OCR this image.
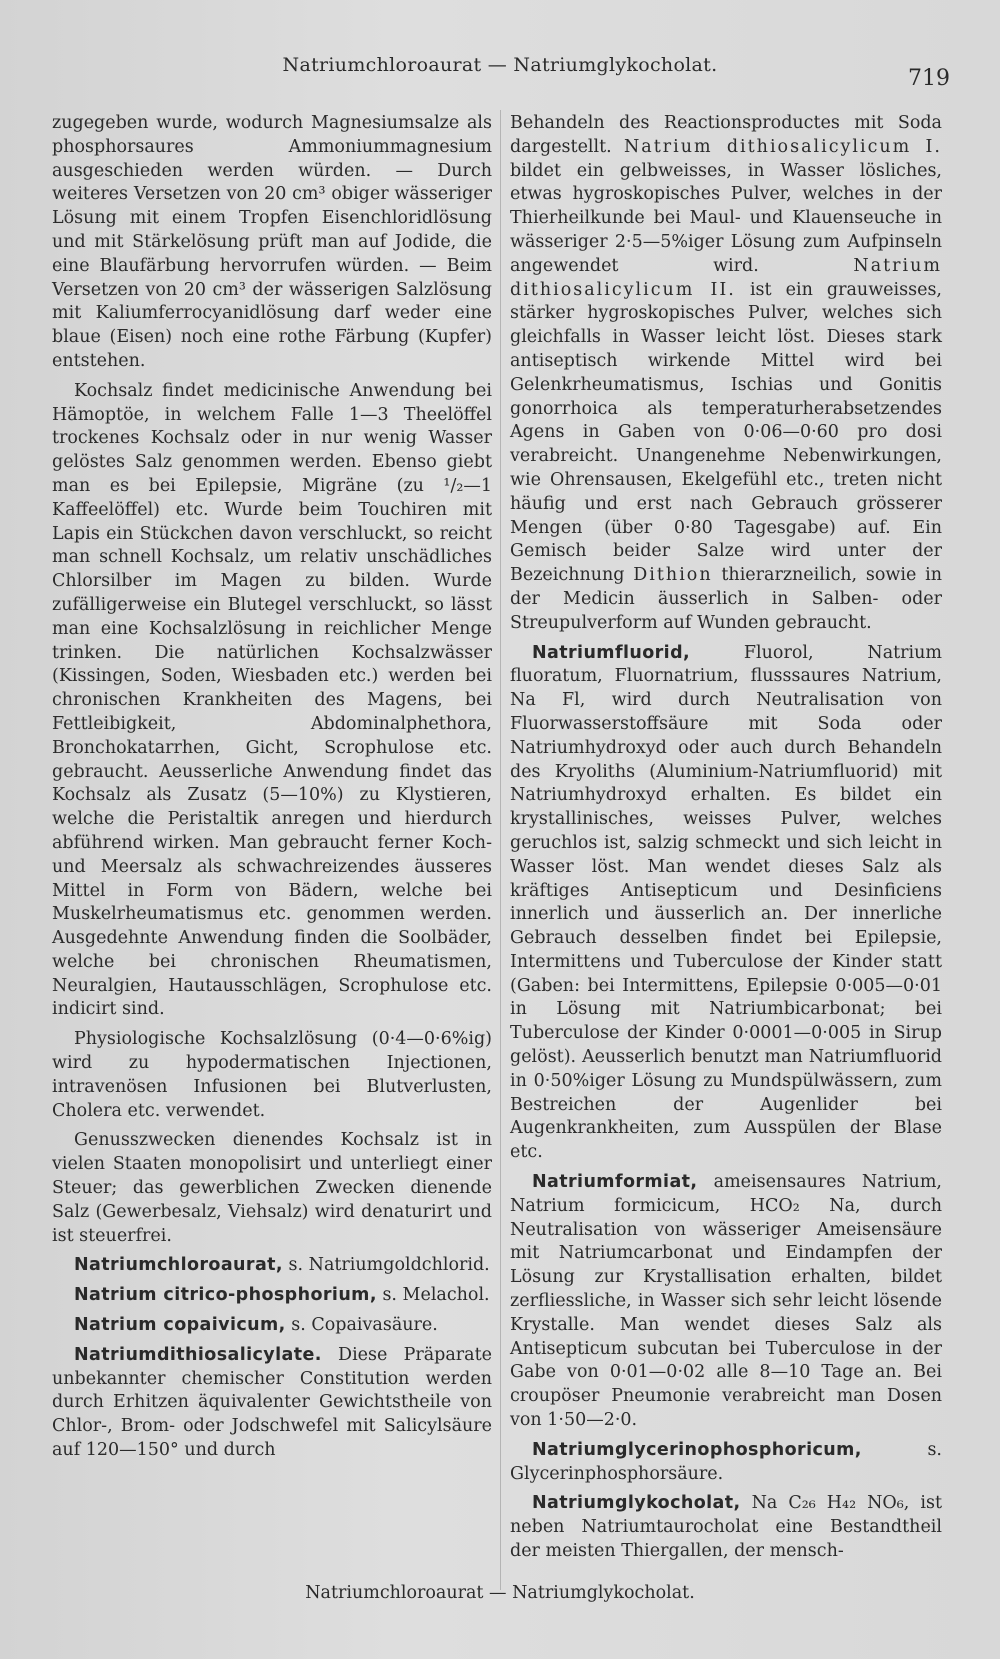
Natriumchloroaurat — Natriumglykocholat.
719

zugegeben wurde, wodurch Magnesiumsalze als phosphorsaures Ammoniummagnesium ausgeschieden werden würden. — Durch weiteres Versetzen von 20 cm³ obiger wässeriger Lösung mit einem Tropfen Eisenchloridlösung und mit Stärkelösung prüft man auf Jodide, die eine Blaufärbung hervorrufen würden. — Beim Versetzen von 20 cm³ der wässerigen Salzlösung mit Kaliumferrocyanidlösung darf weder eine blaue (Eisen) noch eine rothe Färbung (Kupfer) entstehen.

Kochsalz findet medicinische Anwendung bei Hämoptöe, in welchem Falle 1—3 Theelöffel trockenes Kochsalz oder in nur wenig Wasser gelöstes Salz genommen werden. Ebenso giebt man es bei Epilepsie, Migräne (zu ¹/₂—1 Kaffeelöffel) etc. Wurde beim Touchiren mit Lapis ein Stückchen davon verschluckt, so reicht man schnell Kochsalz, um relativ unschädliches Chlorsilber im Magen zu bilden. Wurde zufälligerweise ein Blutegel verschluckt, so lässt man eine Kochsalzlösung in reichlicher Menge trinken. Die natürlichen Kochsalzwässer (Kissingen, Soden, Wiesbaden etc.) werden bei chronischen Krankheiten des Magens, bei Fettleibigkeit, Abdominalphethora, Bronchokatarrhen, Gicht, Scrophulose etc. gebraucht. Aeusserliche Anwendung findet das Kochsalz als Zusatz (5—10%) zu Klystieren, welche die Peristaltik anregen und hierdurch abführend wirken. Man gebraucht ferner Koch- und Meersalz als schwachreizendes äusseres Mittel in Form von Bädern, welche bei Muskelrheumatismus etc. genommen werden. Ausgedehnte Anwendung finden die Soolbäder, welche bei chronischen Rheumatismen, Neuralgien, Hautausschlägen, Scrophulose etc. indicirt sind.

Physiologische Kochsalzlösung (0·4—0·6%ig) wird zu hypodermatischen Injectionen, intravenösen Infusionen bei Blutverlusten, Cholera etc. verwendet.

Genusszwecken dienendes Kochsalz ist in vielen Staaten monopolisirt und unterliegt einer Steuer; das gewerblichen Zwecken dienende Salz (Gewerbesalz, Viehsalz) wird denaturirt und ist steuerfrei.

Natriumchloroaurat, s. Natriumgoldchlorid.

Natrium citrico-phosphorium, s. Melachol.

Natrium copaivicum, s. Copaivasäure.

Natriumdithiosalicylate. Diese Präparate unbekannter chemischer Constitution werden durch Erhitzen äquivalenter Gewichtstheile von Chlor-, Brom- oder Jodschwefel mit Salicylsäure auf 120—150° und durch

Behandeln des Reactionsproductes mit Soda dargestellt. Natrium dithiosalicylicum I. bildet ein gelbweisses, in Wasser lösliches, etwas hygroskopisches Pulver, welches in der Thierheilkunde bei Maul- und Klauenseuche in wässeriger 2·5—5%iger Lösung zum Aufpinseln angewendet wird. Natrium dithiosalicylicum II. ist ein grauweisses, stärker hygroskopisches Pulver, welches sich gleichfalls in Wasser leicht löst. Dieses stark antiseptisch wirkende Mittel wird bei Gelenkrheumatismus, Ischias und Gonitis gonorrhoica als temperaturherabsetzendes Agens in Gaben von 0·06—0·60 pro dosi verabreicht. Unangenehme Nebenwirkungen, wie Ohrensausen, Ekelgefühl etc., treten nicht häufig und erst nach Gebrauch grösserer Mengen (über 0·80 Tagesgabe) auf. Ein Gemisch beider Salze wird unter der Bezeichnung Dithion thierarzneilich, sowie in der Medicin äusserlich in Salben- oder Streupulverform auf Wunden gebraucht.

Natriumfluorid, Fluorol, Natrium fluoratum, Fluornatrium, flusssaures Natrium, Na Fl, wird durch Neutralisation von Fluorwasserstoffsäure mit Soda oder Natriumhydroxyd oder auch durch Behandeln des Kryoliths (Aluminium-Natriumfluorid) mit Natriumhydroxyd erhalten. Es bildet ein krystallinisches, weisses Pulver, welches geruchlos ist, salzig schmeckt und sich leicht in Wasser löst. Man wendet dieses Salz als kräftiges Antisepticum und Desinficiens innerlich und äusserlich an. Der innerliche Gebrauch desselben findet bei Epilepsie, Intermittens und Tuberculose der Kinder statt (Gaben: bei Intermittens, Epilepsie 0·005—0·01 in Lösung mit Natriumbicarbonat; bei Tuberculose der Kinder 0·0001—0·005 in Sirup gelöst). Aeusserlich benutzt man Natriumfluorid in 0·50%iger Lösung zu Mundspülwässern, zum Bestreichen der Augenlider bei Augenkrankheiten, zum Ausspülen der Blase etc.

Natriumformiat, ameisensaures Natrium, Natrium formicicum, HCO₂ Na, durch Neutralisation von wässeriger Ameisensäure mit Natriumcarbonat und Eindampfen der Lösung zur Krystallisation erhalten, bildet zerfliessliche, in Wasser sich sehr leicht lösende Krystalle. Man wendet dieses Salz als Antisepticum subcutan bei Tuberculose in der Gabe von 0·01—0·02 alle 8—10 Tage an. Bei croupöser Pneumonie verabreicht man Dosen von 1·50—2·0.

Natriumglycerinophosphoricum, s. Glycerinphosphorsäure.

Natriumglykocholat, Na C₂₆ H₄₂ NO₆, ist neben Natriumtaurocholat eine Bestandtheil der meisten Thiergallen, der mensch-

Natriumchloroaurat — Natriumglykocholat.
